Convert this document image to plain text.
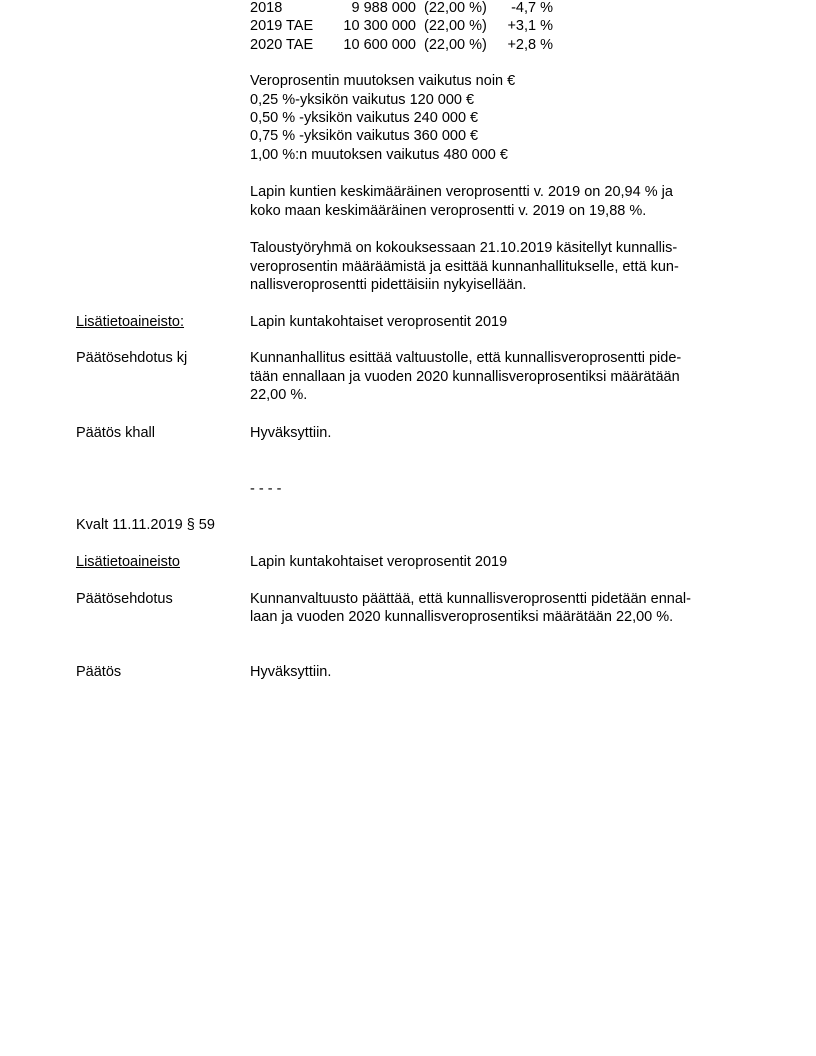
2018	9 988 000 (22,00 %)	-4,7 %
2019 TAE	10 300 000 (22,00 %)	+3,1 %
2020 TAE	10 600 000 (22,00 %)	+2,8 %
Veroprosentin muutoksen vaikutus noin €
0,25 %-yksikön vaikutus 120 000 €
0,50 % -yksikön vaikutus 240 000 €
0,75 % -yksikön vaikutus 360 000 €
1,00 %:n muutoksen vaikutus 480 000 €
Lapin kuntien keskimääräinen veroprosentti v. 2019 on 20,94 % ja
koko maan keskimääräinen veroprosentti v. 2019 on 19,88 %.
Taloustyöryhmä on kokouksessaan 21.10.2019 käsitellyt kunnallis-
veroprosentin määräämistä ja esittää kunnanhallitukselle, että kun-
nallisveroprosentti pidettäisiin nykyisellään.
Lisätietoaineisto:	Lapin kuntakohtaiset veroprosentit 2019
Päätösehdotus kj	Kunnanhallitus esittää valtuustolle, että kunnallisveroprosentti pide-
tään ennallaan ja vuoden 2020 kunnallisveroprosentiksi määrätään
22,00 %.
Päätös khall	Hyväksyttiin.
- - - -
Kvalt 11.11.2019 § 59
Lisätietoaineisto	Lapin kuntakohtaiset veroprosentit 2019
Päätösehdotus	Kunnanvaltuusto päättää, että kunnallisveroprosentti pidetään ennal-
laan ja vuoden 2020 kunnallisveroprosentiksi määrätään 22,00 %.
Päätös	Hyväksyttiin.
